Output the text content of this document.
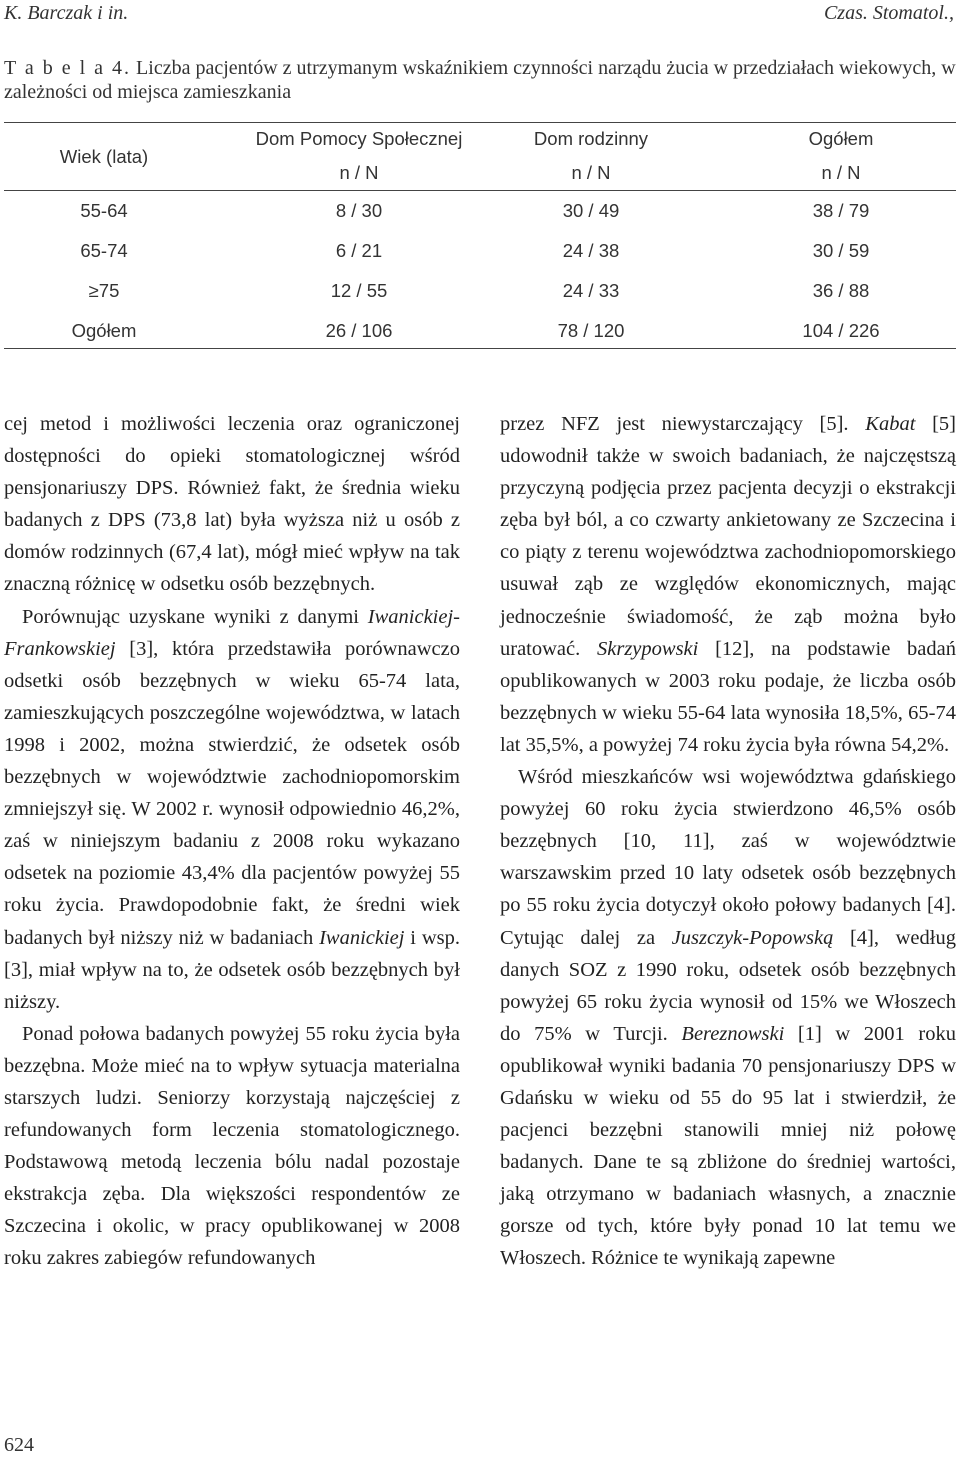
K. Barczak i in.	Czas. Stomatol.,
T a b e l a 4. Liczba pacjentów z utrzymanym wskaźnikiem czynności narządu żucia w przedziałach wiekowych, w zależności od miejsca zamieszkania
Wiek (lata)
Dom Pomocy Społecznej	Dom rodzinny	Ogółem
n / N	n / N	n / N
55-64	8 / 30	30 / 49	38 / 79
65-74	6 / 21	24 / 38	30 / 59
≥75	12 / 55	24 / 33	36 / 88
Ogółem	26 / 106	78 / 120	104 / 226

cej metod i możliwości leczenia oraz ograniczonej dostępności do opieki stomatologicznej wśród pensjonariuszy DPS. Również fakt, że średnia wieku badanych z DPS (73,8 lat) była wyższa niż u osób z domów rodzinnych (67,4 lat), mógł mieć wpływ na tak znaczną różnicę w odsetku osób bezzębnych.

Porównując uzyskane wyniki z danymi Iwanickiej-Frankowskiej [3], która przedstawiła porównawczo odsetki osób bezzębnych w wieku 65-74 lata, zamieszkujących poszczególne województwa, w latach 1998 i 2002, można stwierdzić, że odsetek osób bezzębnych w województwie zachodniopomorskim zmniejszył się. W 2002 r. wynosił odpowiednio 46,2%, zaś w niniejszym badaniu z 2008 roku wykazano odsetek na poziomie 43,4% dla pacjentów powyżej 55 roku życia. Prawdopodobnie fakt, że średni wiek badanych był niższy niż w badaniach Iwanickiej i wsp. [3], miał wpływ na to, że odsetek osób bezzębnych był niższy.

Ponad połowa badanych powyżej 55 roku życia była bezzębna. Może mieć na to wpływ sytuacja materialna starszych ludzi. Seniorzy korzystają najczęściej z refundowanych form leczenia stomatologicznego. Podstawową metodą leczenia bólu nadal pozostaje ekstrakcja zęba. Dla większości respondentów ze Szczecina i okolic, w pracy opublikowanej w 2008 roku zakres zabiegów refundowanych

przez NFZ jest niewystarczający [5]. Kabat [5] udowodnił także w swoich badaniach, że najczęstszą przyczyną podjęcia przez pacjenta decyzji o ekstrakcji zęba był ból, a co czwarty ankietowany ze Szczecina i co piąty z terenu województwa zachodniopomorskiego usuwał ząb ze względów ekonomicznych, mając jednocześnie świadomość, że ząb można było uratować. Skrzypowski [12], na podstawie badań opublikowanych w 2003 roku podaje, że liczba osób bezzębnych w wieku 55-64 lata wynosiła 18,5%, 65-74 lat 35,5%, a powyżej 74 roku życia była równa 54,2%.

Wśród mieszkańców wsi województwa gdańskiego powyżej 60 roku życia stwierdzono 46,5% osób bezzębnych [10, 11], zaś w województwie warszawskim przed 10 laty odsetek osób bezzębnych po 55 roku życia dotyczył około połowy badanych [4]. Cytując dalej za Juszczyk-Popowską [4], według danych SOZ z 1990 roku, odsetek osób bezzębnych powyżej 65 roku życia wynosił od 15% we Włoszech do 75% w Turcji. Bereznowski [1] w 2001 roku opublikował wyniki badania 70 pensjonariuszy DPS w Gdańsku w wieku od 55 do 95 lat i stwierdził, że pacjenci bezzębni stanowili mniej niż połowę badanych. Dane te są zbliżone do średniej wartości, jaką otrzymano w badaniach własnych, a znacznie gorsze od tych, które były ponad 10 lat temu we Włoszech. Różnice te wynikają zapewne

624
